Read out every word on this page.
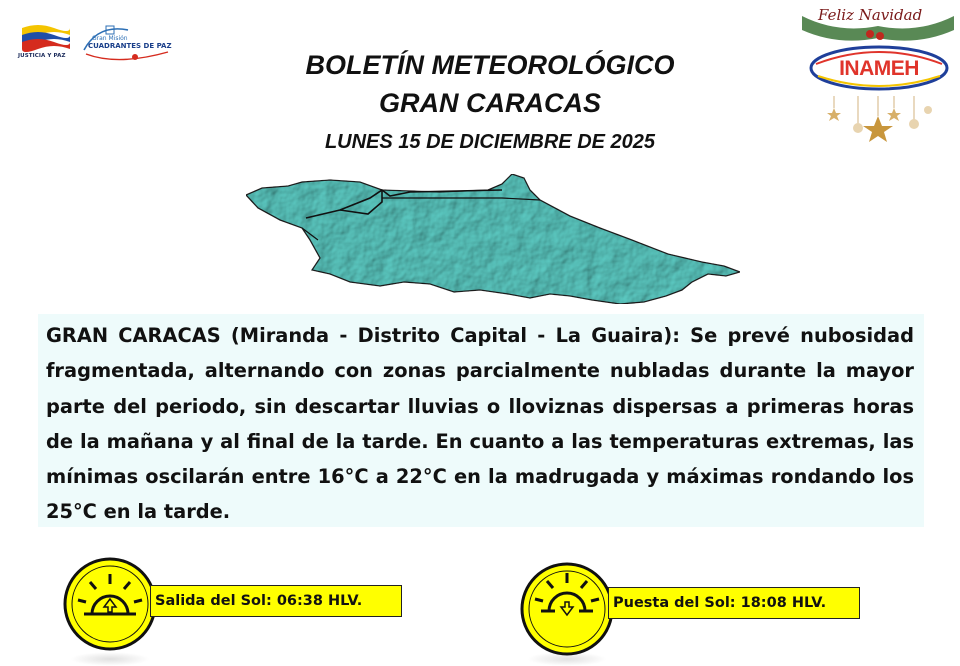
JUSTICIA Y PAZ
Gran Misión
CUADRANTES DE PAZ
Feliz Navidad
INAMEH
BOLETÍN METEOROLÓGICO
GRAN CARACAS
LUNES 15 DE DICIEMBRE DE 2025

GRAN CARACAS (Miranda - Distrito Capital - La Guaira): Se prevé nubosidad fragmentada, alternando con zonas parcialmente nubladas durante la mayor parte del periodo, sin descartar lluvias o lloviznas dispersas a primeras horas de la mañana y al final de la tarde. En cuanto a las temperaturas extremas, las mínimas oscilarán entre 16°C a 22°C en la madrugada y máximas rondando los 25°C en la tarde.

Salida del Sol: 06:38 HLV.	Puesta del Sol: 18:08 HLV.
